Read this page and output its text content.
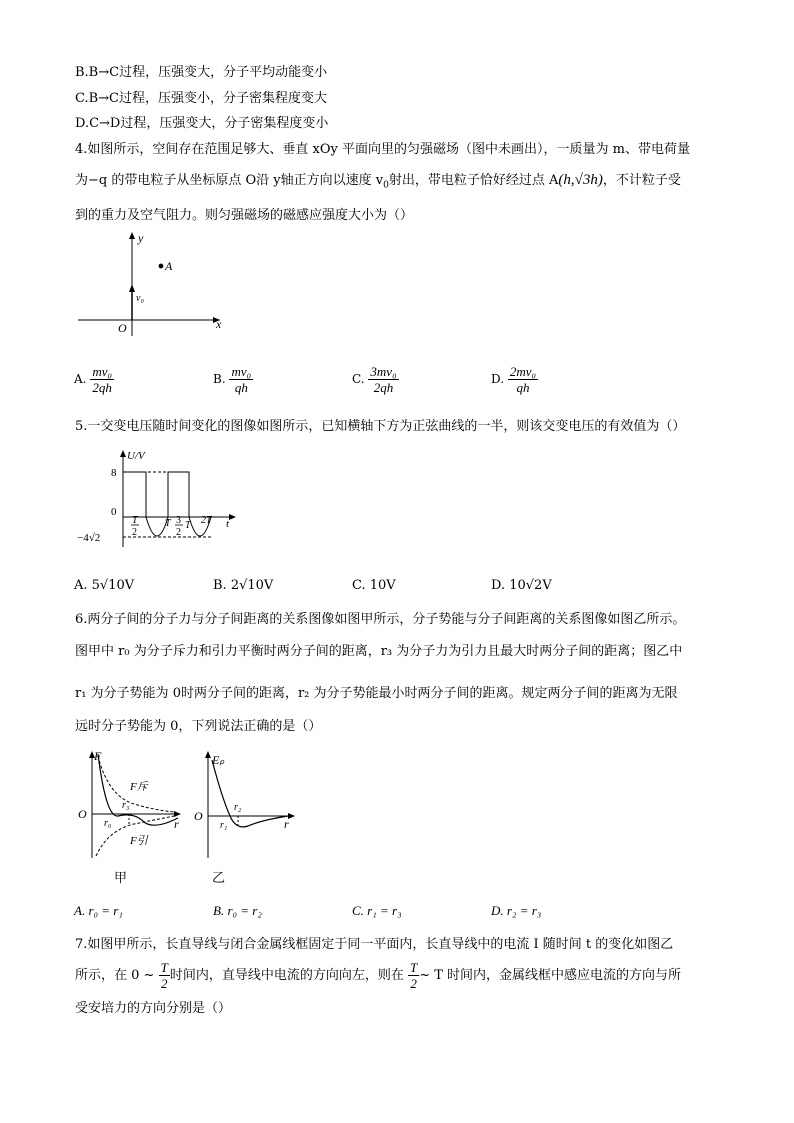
B.B→C过程，压强变大，分子平均动能变小
C.B→C过程，压强变小，分子密集程度变大
D.C→D过程，压强变大，分子密集程度变小
4.如图所示，空间存在范围足够大、垂直 xOy 平面向里的匀强磁场（图中未画出），一质量为 m、带电荷量
为−q 的带电粒子从坐标原点 O沿 y轴正方向以速度 $v_0$射出，带电粒子恰好经过点 A(h,√3h)，不计粒子受
到的重力及空气阻力。则匀强磁场的磁感应强度大小为（）
y
x
O
A
v₀
A. $\frac{\text{mv₀}}{2qh}$	B. $\frac{\text{mv₀}}{qh}$	C. $\frac{\text{3mv₀}}{2qh}$	D. $\frac{\text{2mv₀}}{qh}$
5.一交变电压随时间变化的图像如图所示，已知横轴下方为正弦曲线的一半，则该交变电压的有效值为（）
U/V
8
0
−4√2
t
T
2
T 3
2
T 2T
A. 5√10V	B. 2√10V	C. 10V	D. 10√2V
6.两分子间的分子力与分子间距离的关系图像如图甲所示，分子势能与分子间距离的关系图像如图乙所示。
图甲中 r₀ 为分子斥力和引力平衡时两分子间的距离，r₃ 为分子力为引力且最大时两分子间的距离；图乙中
r₁ 为分子势能为 0时两分子间的距离，r₂ 为分子势能最小时两分子间的距离。规定两分子间的距离为无限
远时分子势能为 0，下列说法正确的是（）
F
O
r
r₀
r₃
F斥
F引
甲
Eₚ
O
r
r₁
r₂
乙
A. r₀ = r₁	B. r₀ = r₂	C. r₁ = r₃	D. r₂ = r₃
7.如图甲所示，长直导线与闭合金属线框固定于同一平面内，长直导线中的电流 I 随时间 t 的变化如图乙
所示，在 0 ~ $\frac{T}{2}$ 时间内，直导线中电流的方向向左，则在 $\frac{T}{2}$ ~ T 时间内，金属线框中感应电流的方向与所
受安培力的方向分别是（）
